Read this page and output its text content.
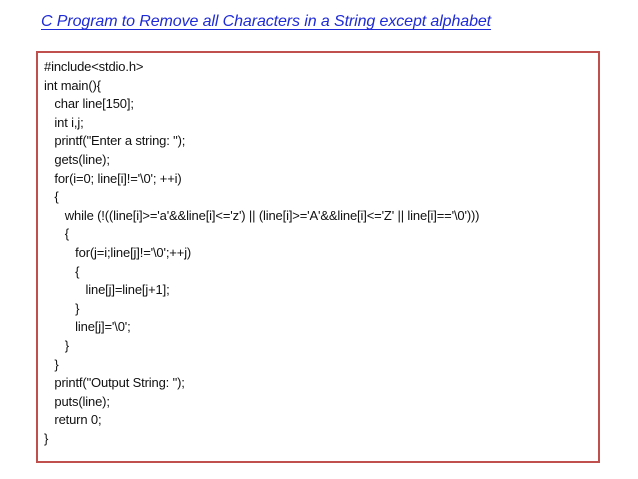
C Program to Remove all Characters in a String except alphabet
#include<stdio.h>
int main(){
char line[150];
int i,j;
printf("Enter a string: ");
gets(line);
for(i=0; line[i]!='\0'; ++i)
{
while (!((line[i]>='a'&&line[i]<='z') || (line[i]>='A'&&line[i]<='Z' || line[i]=='\0')))
{
for(j=i;line[j]!='\0';++j)
{
line[j]=line[j+1];
}
line[j]='\0';
}
}
printf("Output String: ");
puts(line);
return 0;
}
